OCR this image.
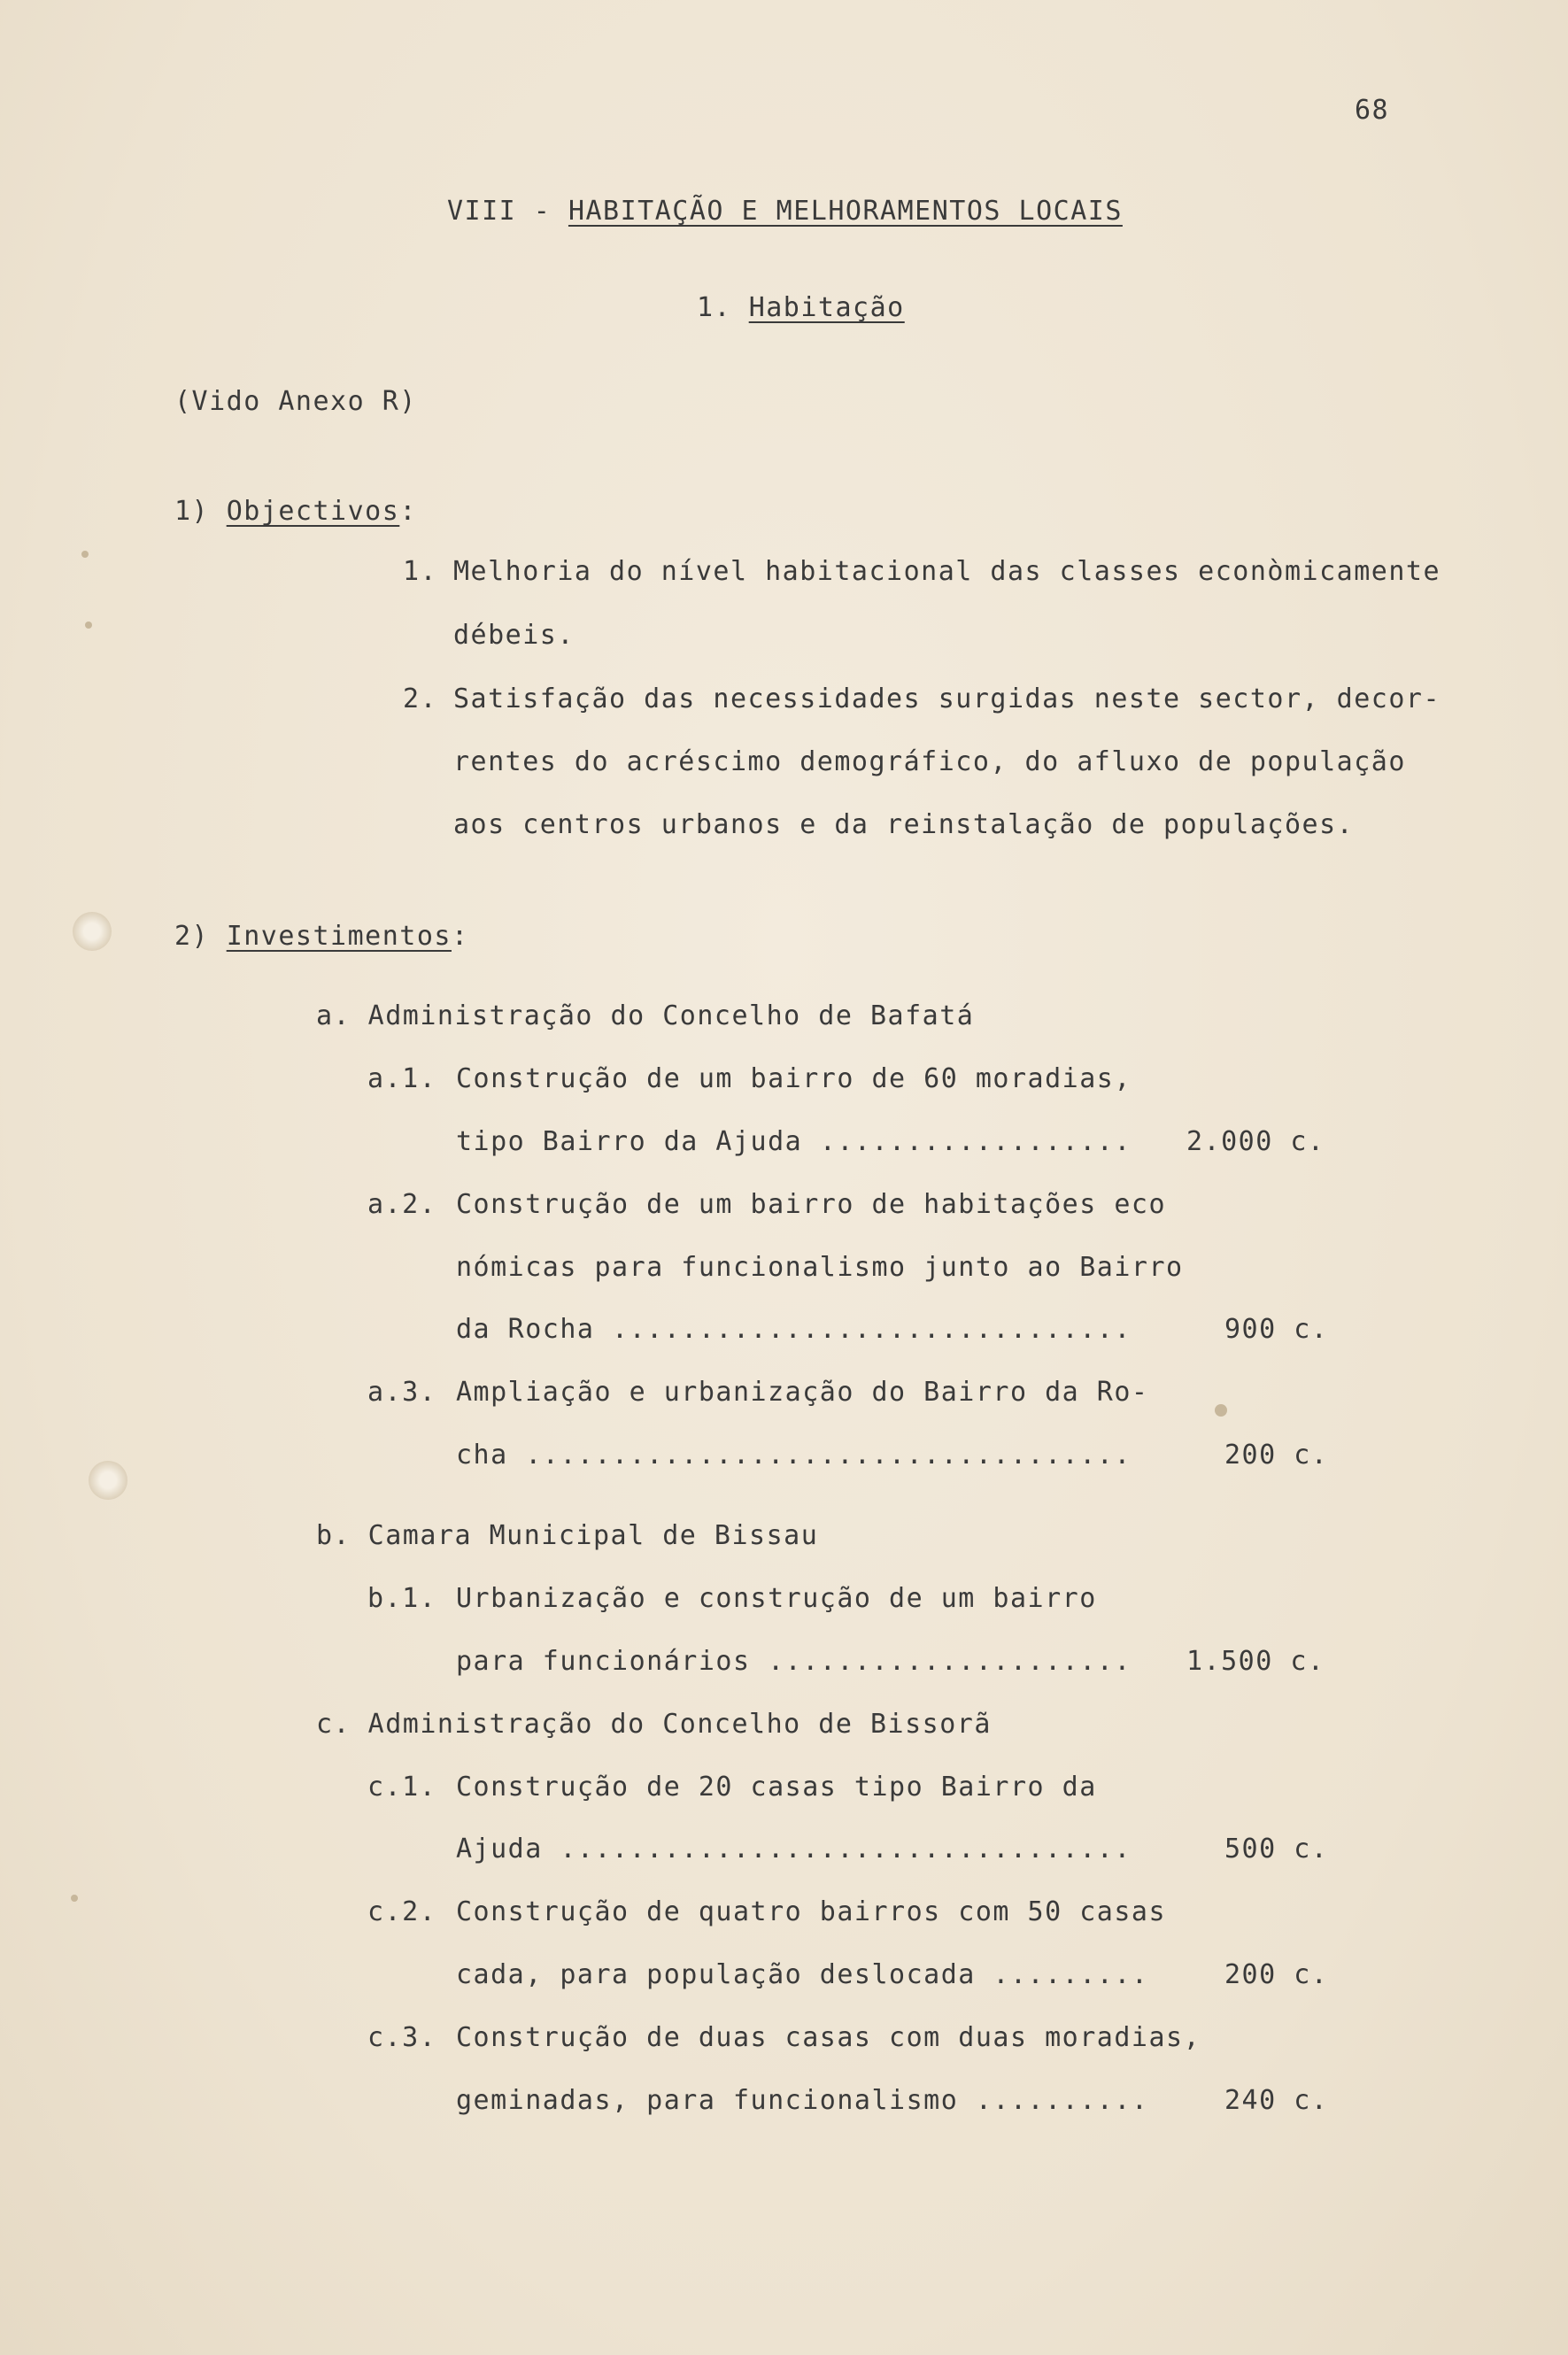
68
VIII - HABITAÇÃO E MELHORAMENTOS LOCAIS
1. Habitação
(Vido Anexo R)
1) Objectivos:
1. Melhoria do nível habitacional das classes econòmicamente
débeis.
2. Satisfação das necessidades surgidas neste sector, decor-
rentes do acréscimo demográfico, do afluxo de população
aos centros urbanos e da reinstalação de populações.
2) Investimentos:
a. Administração do Concelho de Bafatá
a.1. Construção de um bairro de 60 moradias,
tipo Bairro da Ajuda .................. 2.000 c.
a.2. Construção de um bairro de habitações eco
nómicas para funcionalismo junto ao Bairro
da Rocha ..............................	900 c.
a.3. Ampliação e urbanização do Bairro da Ro-
cha ...................................	200 c.
b. Camara Municipal de Bissau
b.1. Urbanização e construção de um bairro
para funcionários ..................... 1.500 c.
c. Administração do Concelho de Bissorã
c.1. Construção de 20 casas tipo Bairro da
Ajuda .................................	500 c.
c.2. Construção de quatro bairros com 50 casas
cada, para população deslocada .........	200 c.
c.3. Construção de duas casas com duas moradias,
geminadas, para funcionalismo ..........	240 c.
